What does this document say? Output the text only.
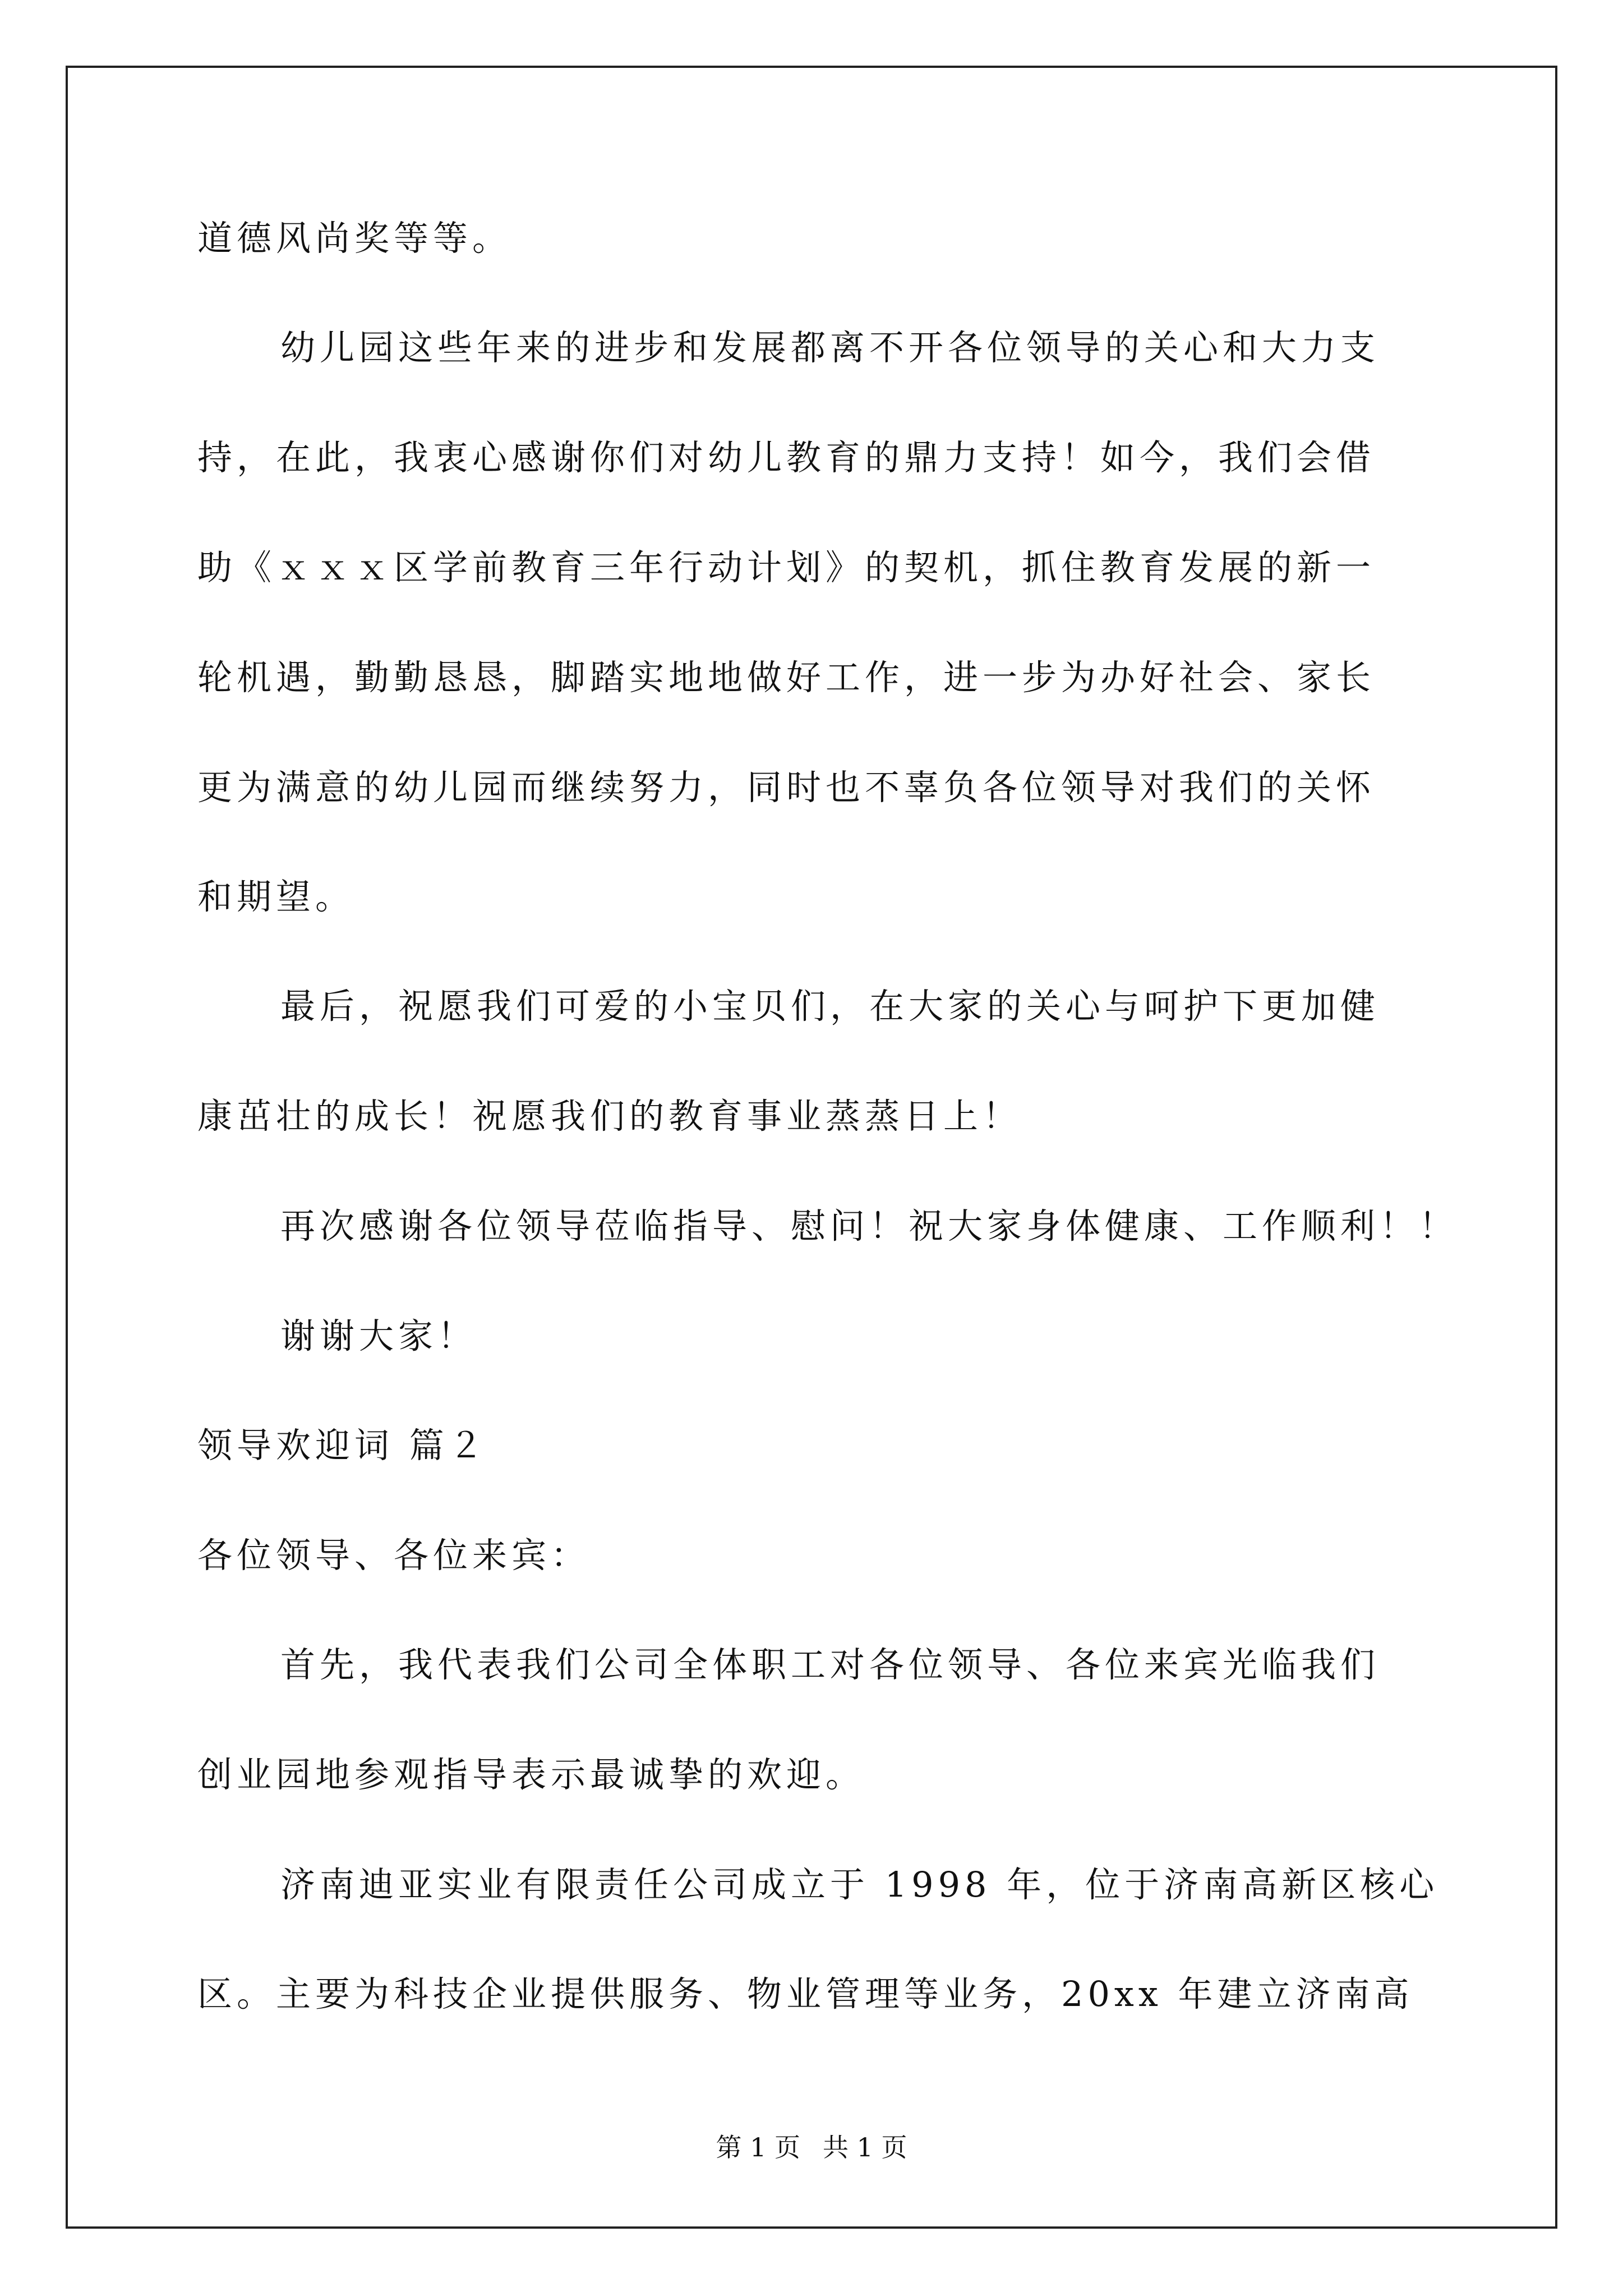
道德风尚奖等等。
幼儿园这些年来的进步和发展都离不开各位领导的关心和大力支
持，在此，我衷心感谢你们对幼儿教育的鼎力支持！如今，我们会借
助《ｘｘｘ区学前教育三年行动计划》的契机，抓住教育发展的新一
轮机遇，勤勤恳恳，脚踏实地地做好工作，进一步为办好社会、家长
更为满意的幼儿园而继续努力，同时也不辜负各位领导对我们的关怀
和期望。
最后，祝愿我们可爱的小宝贝们，在大家的关心与呵护下更加健
康茁壮的成长！祝愿我们的教育事业蒸蒸日上！
再次感谢各位领导莅临指导、慰问！祝大家身体健康、工作顺利！！
谢谢大家！
领导欢迎词 篇２
各位领导、各位来宾：
首先，我代表我们公司全体职工对各位领导、各位来宾光临我们
创业园地参观指导表示最诚挚的欢迎。
济南迪亚实业有限责任公司成立于 1998 年，位于济南高新区核心
区。主要为科技企业提供服务、物业管理等业务，20xx 年建立济南高
第 1 页 共 1 页
